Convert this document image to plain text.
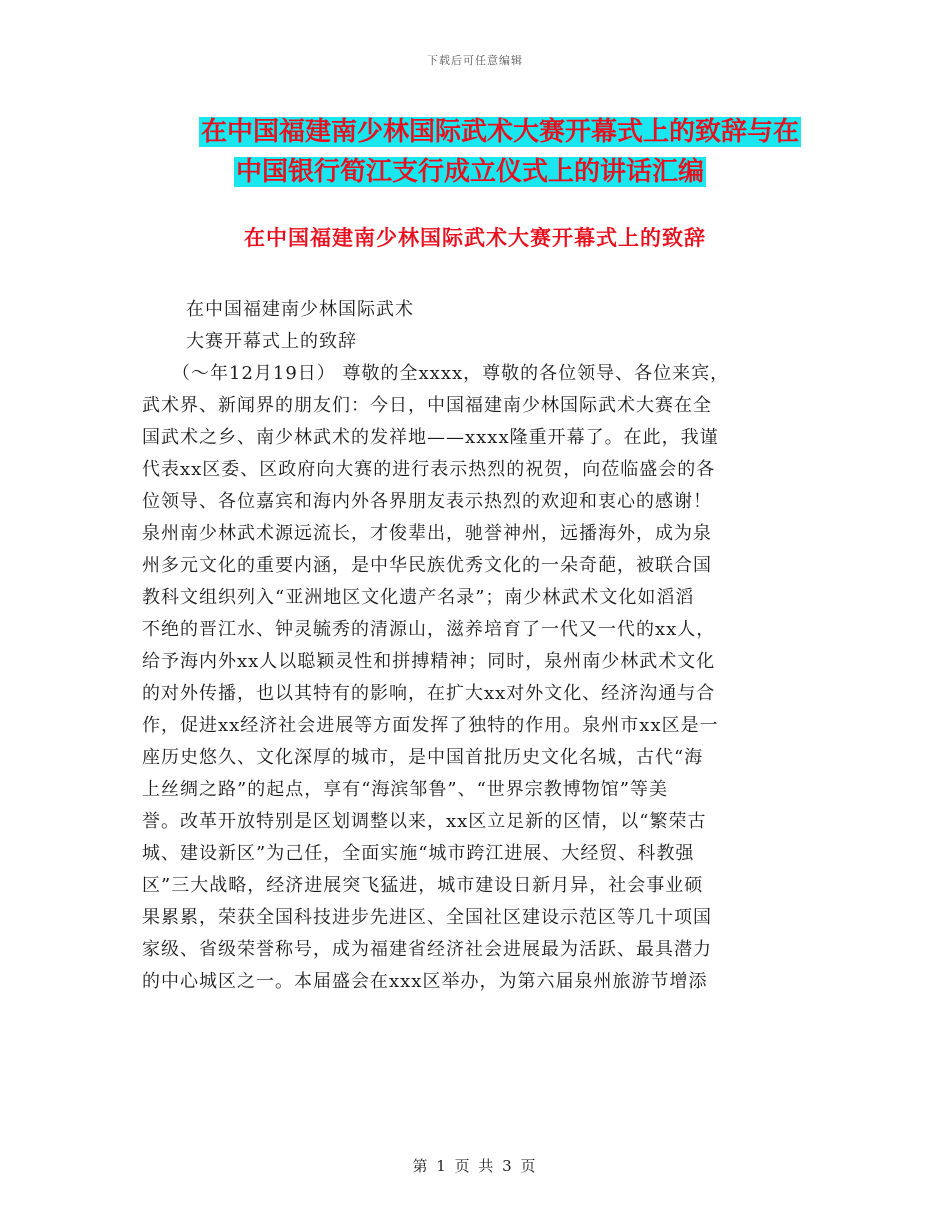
下载后可任意编辑
在中国福建南少林国际武术大赛开幕式上的致辞与在
中国银行筍江支行成立仪式上的讲话汇编
在中国福建南少林国际武术大赛开幕式上的致辞
在中国福建南少林国际武术
大赛开幕式上的致辞
（～年12月19日） 尊敬的全xxxx，尊敬的各位领导、各位来宾，
武术界、新闻界的朋友们：今日，中国福建南少林国际武术大赛在全
国武术之乡、南少林武术的发祥地——xxxx隆重开幕了。在此，我谨
代表xx区委、区政府向大赛的进行表示热烈的祝贺，向莅临盛会的各
位领导、各位嘉宾和海内外各界朋友表示热烈的欢迎和衷心的感谢！
泉州南少林武术源远流长，才俊辈出，驰誉神州，远播海外，成为泉
州多元文化的重要内涵，是中华民族优秀文化的一朵奇葩，被联合国
教科文组织列入“亚洲地区文化遗产名录”；南少林武术文化如滔滔
不绝的晋江水、钟灵毓秀的清源山，滋养培育了一代又一代的xx人，
给予海内外xx人以聪颖灵性和拼搏精神；同时，泉州南少林武术文化
的对外传播，也以其特有的影响，在扩大xx对外文化、经济沟通与合
作，促进xx经济社会进展等方面发挥了独特的作用。泉州市xx区是一
座历史悠久、文化深厚的城市，是中国首批历史文化名城，古代“海
上丝绸之路”的起点，享有“海滨邹鲁”、“世界宗教博物馆”等美
誉。改革开放特别是区划调整以来，xx区立足新的区情，以“繁荣古
城、建设新区”为己任，全面实施“城市跨江进展、大经贸、科教强
区”三大战略，经济进展突飞猛进，城市建设日新月异，社会事业硕
果累累，荣获全国科技进步先进区、全国社区建设示范区等几十项国
家级、省级荣誉称号，成为福建省经济社会进展最为活跃、最具潜力
的中心城区之一。本届盛会在xxx区举办，为第六届泉州旅游节增添
第 1 页 共 3 页
